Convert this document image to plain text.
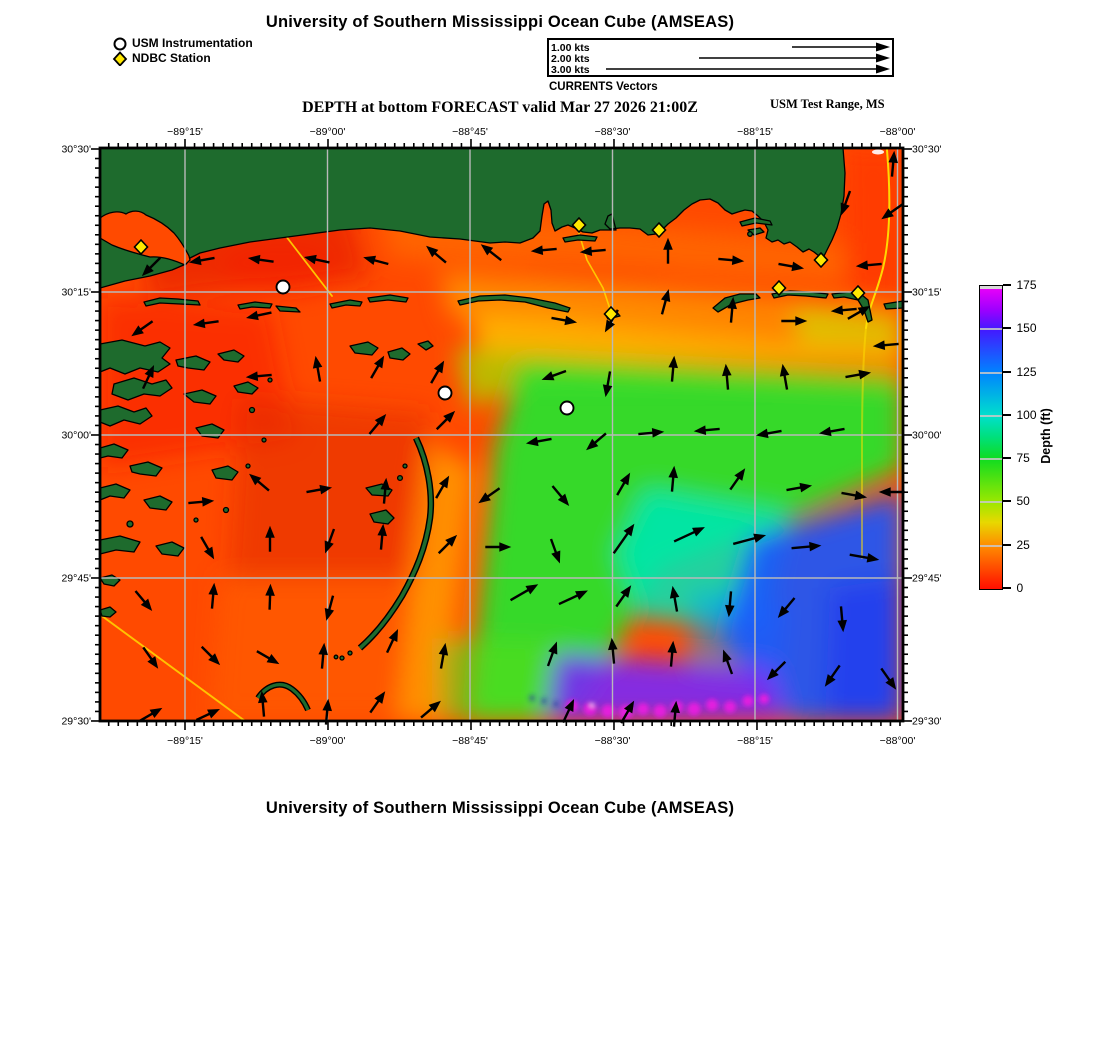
University of Southern Mississippi Ocean Cube (AMSEAS)
USM Instrumentation
NDBC Station
1.00 kts
2.00 kts
3.00 kts
CURRENTS Vectors
DEPTH at bottom FORECAST valid Mar 27 2026 21:00Z	USM Test Range, MS
−89°15'
−89°15'
−89°00'
−89°00'
−88°45'
−88°45'
−88°30'
−88°30'
−88°15'
−88°15'
−88°00'
−88°00'
30°30'	30°30'
30°15'	30°15'
30°00'	30°00'
29°45'	29°45'
29°30'	29°30'
0
25
50
75
100
125
150
175
Depth (ft)
University of Southern Mississippi Ocean Cube (AMSEAS)
